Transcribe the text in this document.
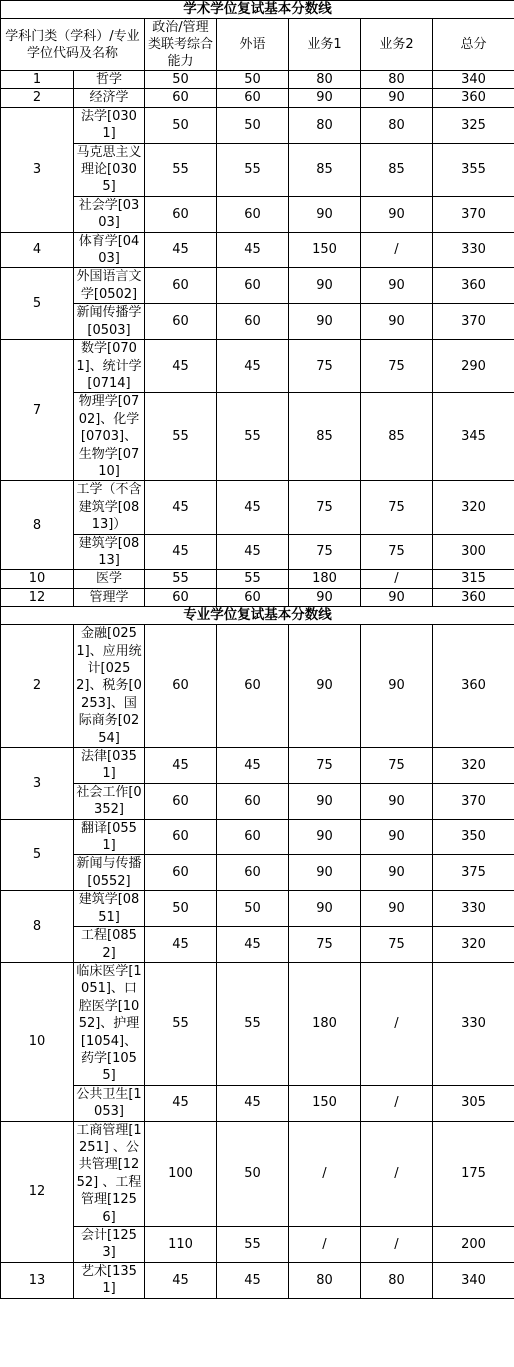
学术学位复试基本分数线						
学科门类（学科）/专业学位代码及名称		政治/管理类联考综合能力	外语	业务1	业务2	总分
1	哲学	50	50	80	80	340
2	经济学	60	60	90	90	360
3	法学[0301]	50	50	80	80	325
	马克思主义理论[0305]	55	55	85	85	355
	社会学[0303]	60	60	90	90	370
4	体育学[0403]	45	45	150	/	330
5	外国语言文学[0502]	60	60	90	90	360
	新闻传播学[0503]	60	60	90	90	370
7	数学[0701]、统计学[0714]	45	45	75	75	290
	物理学[0702]、化学[0703]、生物学[0710]	55	55	85	85	345
8	工学（不含建筑学[0813]）	45	45	75	75	320
	建筑学[0813]	45	45	75	75	300
10	医学	55	55	180	/	315
12	管理学	60	60	90	90	360
专业学位复试基本分数线						
2	金融[0251]、应用统计[0252]、税务[0253]、国际商务[0254]	60	60	90	90	360
3	法律[0351]	45	45	75	75	320
	社会工作[0352]	60	60	90	90	370
5	翻译[0551]	60	60	90	90	350
	新闻与传播[0552]	60	60	90	90	375
8	建筑学[0851]	50	50	90	90	330
	工程[0852]	45	45	75	75	320
10	临床医学[1051]、口腔医学[1052]、护理[1054]、药学[1055]	55	55	180	/	330
	公共卫生[1053]	45	45	150	/	305
12	工商管理[1251] 、公共管理[1252] 、工程管理[1256]	100	50	/	/	175
	会计[1253]	110	55	/	/	200
13	艺术[1351]	45	45	80	80	340
